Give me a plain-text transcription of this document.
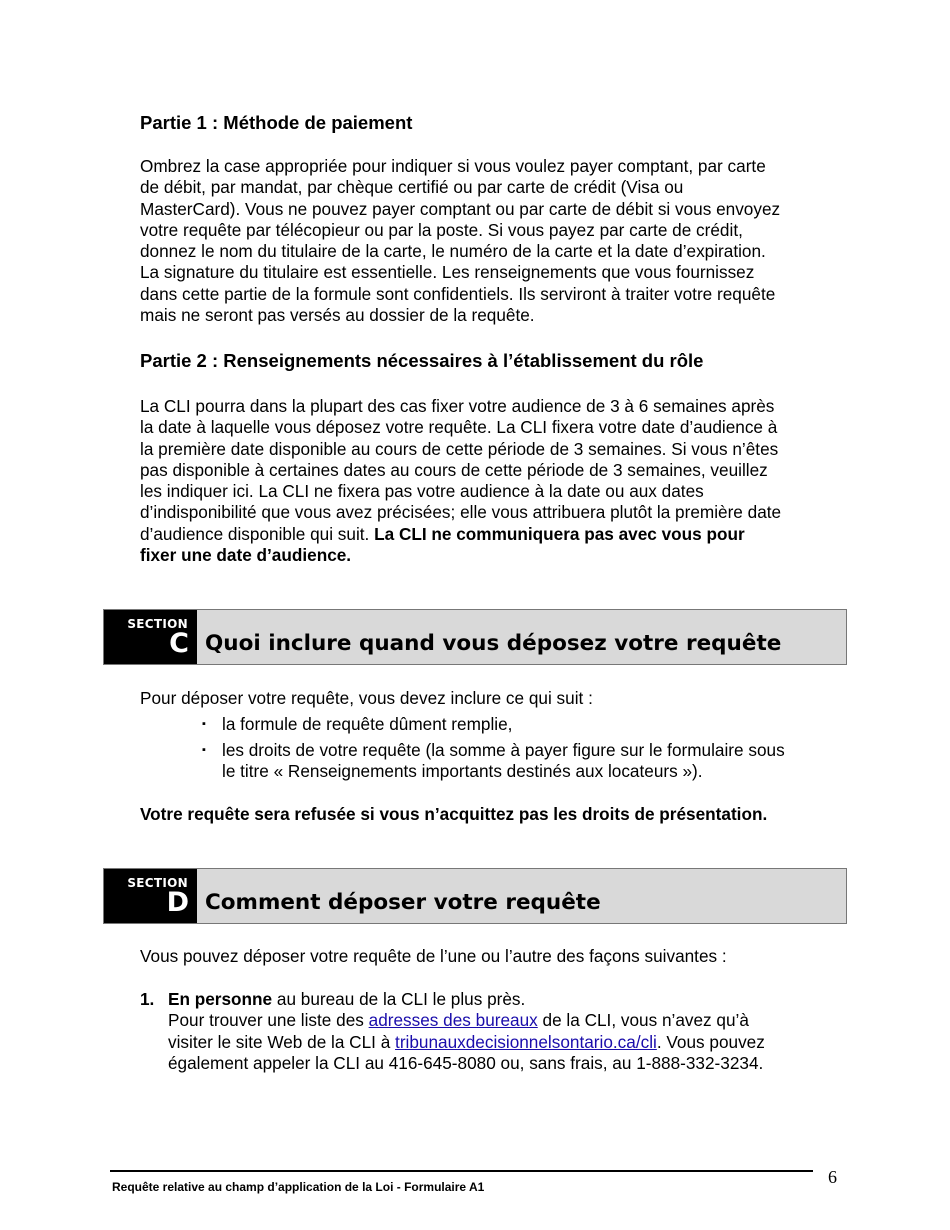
Partie 1 : Méthode de paiement
Ombrez la case appropriée pour indiquer si vous voulez payer comptant, par carte
de débit, par mandat, par chèque certifié ou par carte de crédit (Visa ou
MasterCard). Vous ne pouvez payer comptant ou par carte de débit si vous envoyez
votre requête par télécopieur ou par la poste. Si vous payez par carte de crédit,
donnez le nom du titulaire de la carte, le numéro de la carte et la date d’expiration.
La signature du titulaire est essentielle. Les renseignements que vous fournissez
dans cette partie de la formule sont confidentiels. Ils serviront à traiter votre requête
mais ne seront pas versés au dossier de la requête.
Partie 2 : Renseignements nécessaires à l’établissement du rôle
La CLI pourra dans la plupart des cas fixer votre audience de 3 à 6 semaines après
la date à laquelle vous déposez votre requête. La CLI fixera votre date d’audience à
la première date disponible au cours de cette période de 3 semaines. Si vous n’êtes
pas disponible à certaines dates au cours de cette période de 3 semaines, veuillez
les indiquer ici. La CLI ne fixera pas votre audience à la date ou aux dates
d’indisponibilité que vous avez précisées; elle vous attribuera plutôt la première date
d’audience disponible qui suit. La CLI ne communiquera pas avec vous pour
fixer une date d’audience.
SECTION
C Quoi inclure quand vous déposez votre requête
Pour déposer votre requête, vous devez inclure ce qui suit :
▪ la formule de requête dûment remplie,
▪ les droits de votre requête (la somme à payer figure sur le formulaire sous
le titre « Renseignements importants destinés aux locateurs »).
Votre requête sera refusée si vous n’acquittez pas les droits de présentation.
SECTION
D Comment déposer votre requête
Vous pouvez déposer votre requête de l’une ou l’autre des façons suivantes :
1. En personne au bureau de la CLI le plus près.
Pour trouver une liste des adresses des bureaux de la CLI, vous n’avez qu’à
visiter le site Web de la CLI à tribunauxdecisionnelsontario.ca/cli. Vous pouvez
également appeler la CLI au 416-645-8080 ou, sans frais, au 1-888-332-3234.
Requête relative au champ d’application de la Loi - Formulaire A1	6
